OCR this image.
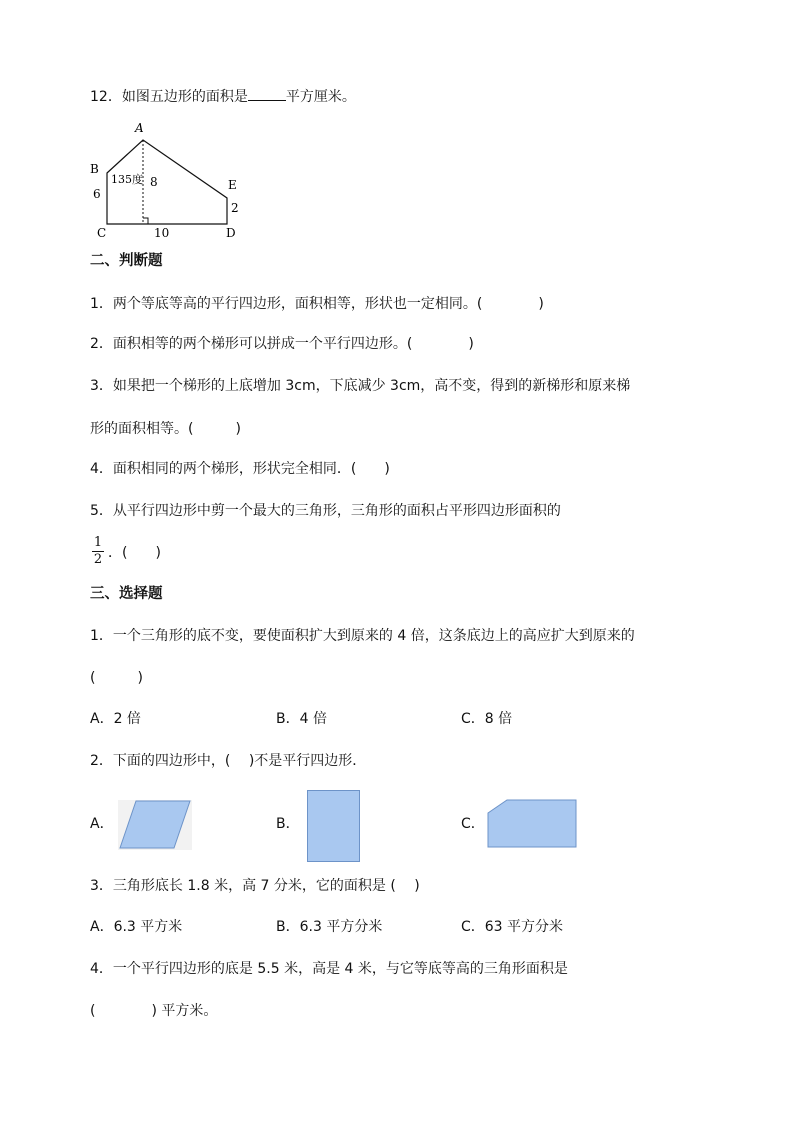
12．如图五边形的面积是	平方厘米。
A
B
C	D
E
6
8
10
2
135度
二、判断题
1．两个等底等高的平行四边形，面积相等，形状也一定相同。(　　　　)
2．面积相等的两个梯形可以拼成一个平行四边形。(　　　　)
3．如果把一个梯形的上底增加 3cm，下底减少 3cm，高不变，得到的新梯形和原来梯
形的面积相等。(　　　)
4．面积相同的两个梯形，形状完全相同．(　　)
5．从平行四边形中剪一个最大的三角形，三角形的面积占平形四边形面积的
1
2 ．(　　)
三、选择题
1．一个三角形的底不变，要使面积扩大到原来的 4 倍，这条底边上的高应扩大到原来的
(　　　)
A．2 倍	B．4 倍	C．8 倍
2．下面的四边形中，(　 )不是平行四边形．
A．	B．	C．
3．三角形底长 1.8 米，高 7 分米，它的面积是 (　 )
A．6.3 平方米	B．6.3 平方分米	C．63 平方分米
4．一个平行四边形的底是 5.5 米，高是 4 米，与它等底等高的三角形面积是
(　　　　) 平方米。
